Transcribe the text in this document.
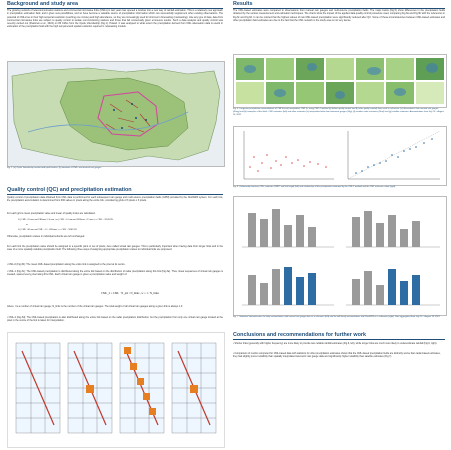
Background and study area
The growing network of telecommunication stations and commercial microwave links (CMLs) in last years has opened a window into a new way of rainfall estimation. This is a relatively new approach in precipitation estimation field, and it gives new possibilities, and so have become a valuable source of precipitation information which can successfully supplement other existing observations. The potential of CMLs lies in their high temporal resolution (reaching one minute) and high abundance, so they are increasingly used for short-term forecasting (nowcasting). Like any type of data, data from commercial microwave links are subject to quality control to isolate non-functioning stations and those that fail contextually given erroneous results. Such a data analysis and quality control was recently carried out (Pastorek et al., 2024) on 86 CMLs from the Opole Voivodeship (Fig.1). Poland. It was analysed to what extent the precipitation derived from CML attenuation data is useful in estimation of the precipitation field with the high temporal and spatial resolution required in nowcasting models.
Fig. 1. (a) Opole Voivodeship marked with pink borders, (b) locations of CMLs and manual rain gauges.
Quality control (QC) and precipitation estimation
Quality control of precipitation data obtained from CML data is performed for each subsequent rain gauge and multi-source precipitation fields (GPM) provided by the NowWRF system. For each link, the precipitation accumulation is determined from 600 values in pixels along the entire link, considering grids of 3 pixels x 3 pixels.
For each grid a mean precipitation value and mean of quality index are calculated.
If ( CML <0.1mm and GRSmax>1.0 mm ) or ( CML >1.0 mm and GRSmax <0.5 mm ) ⇒ CML = NODATA
or
If ( CML >80 mm and CML > 10 · GRSmax ) ⇒ CML = NODATA
Otherwise, precipitation values in individual subunits are left unchanged.
For each link the precipitation value should be assigned to a specific point or set of pixels, here called virtual rain gauges. This is particularly important when having data from longer links and in the case of a more spatially variable precipitation field. The following three ways of assigning appropriate precipitation values to individual links are proposed:
• CML-0 (Fig.3b): The mean CML-based precipitation along the entire link is assigned to the pixel at its centre.
• CML-1 (Fig.3c): The CML-based precipitation is distributed along the entire link based on the distribution of radar precipitation along this link (Fig.3a). Thus, linear sequences of virtual rain gauges is created, spaced every pixel along this CML. Each virtual rain gauge is given a precipitation value and weight of:
CML_2 = CML · N_pix / N_links , w = 1 / N_links
where: l is a number of virtual rain gauge; N_links is the number of the virtual rain gauges. The total weight of all virtual rain gauges along a given link is always 1.0.
• CML-2 (Fig.3d): The CML-based precipitation is also distributed along the entire link based on the radar precipitation distribution, but the precipitation from only one virtual rain gauge located at the pixel in the centre of the link is taken for interpolation.
Results
The CML-based estimates were compared to observations from manual rain gauges and multi-source precipitation fields. The maps below (Fig.5) show differences in the precipitation fields obtained by the various measurement and estimation techniques. The charts show the impact of the applied data quality control procedure used, comparing Fig.6a and Fig.6b with the references in Fig.6c and Fig.6d. It can be noticed that the highest values of raw CML-based precipitation were significantly reduced after QC. Some of these inconsistencies between CML-based estimates and other precipitation field estimates are due to the fact that the CML network in the study area is not very dense.
Fig. 5. Long-term precipitation accumulations of CML-based precipitation: CML (a: using CML-1 method (a) before quality control and (b) after quality control) data used as reference: (c) observations from manual rain gauges (Rmrg) and (d) examples of the fields: CML estimates (left) and other estimates (e) interpolated data from telemetric gauges (Rtg), (f) weather radar estimates (Rrad) and (g) satellite estimates. Accumulations from July 10 – August 16, 2021.
Fig. 6. Relationship between CML estimates RMRT and link length (left) and relationship of the precipitation estimated by the CML-1 method and the CML reference value (right).
Fig. 7. Statistical characteristics for daily accumulations with manual rain gauge data as a reference (left) and for half-hourly accumulations with RainGRS as a reference (right). Data aggregated from July 10 – August 16, 2021.
Conclusions and recommendations for further work
• Shorter links (generally with higher frequency) are more likely to provide less reliable rainfall estimates (Fig.6, left), while longer links are much more likely to underestimate rainfall (Fig.6, right).
• Comparison of metrics computed for CML-based data with statistics for other precipitation estimates shows that the CML-based precipitation fields are distinctly worse than radar-based estimates, they had slightly poorer reliability than spatially interpolated telemetric rain gauge data and significantly higher reliability than satellite estimates (Fig.7).
